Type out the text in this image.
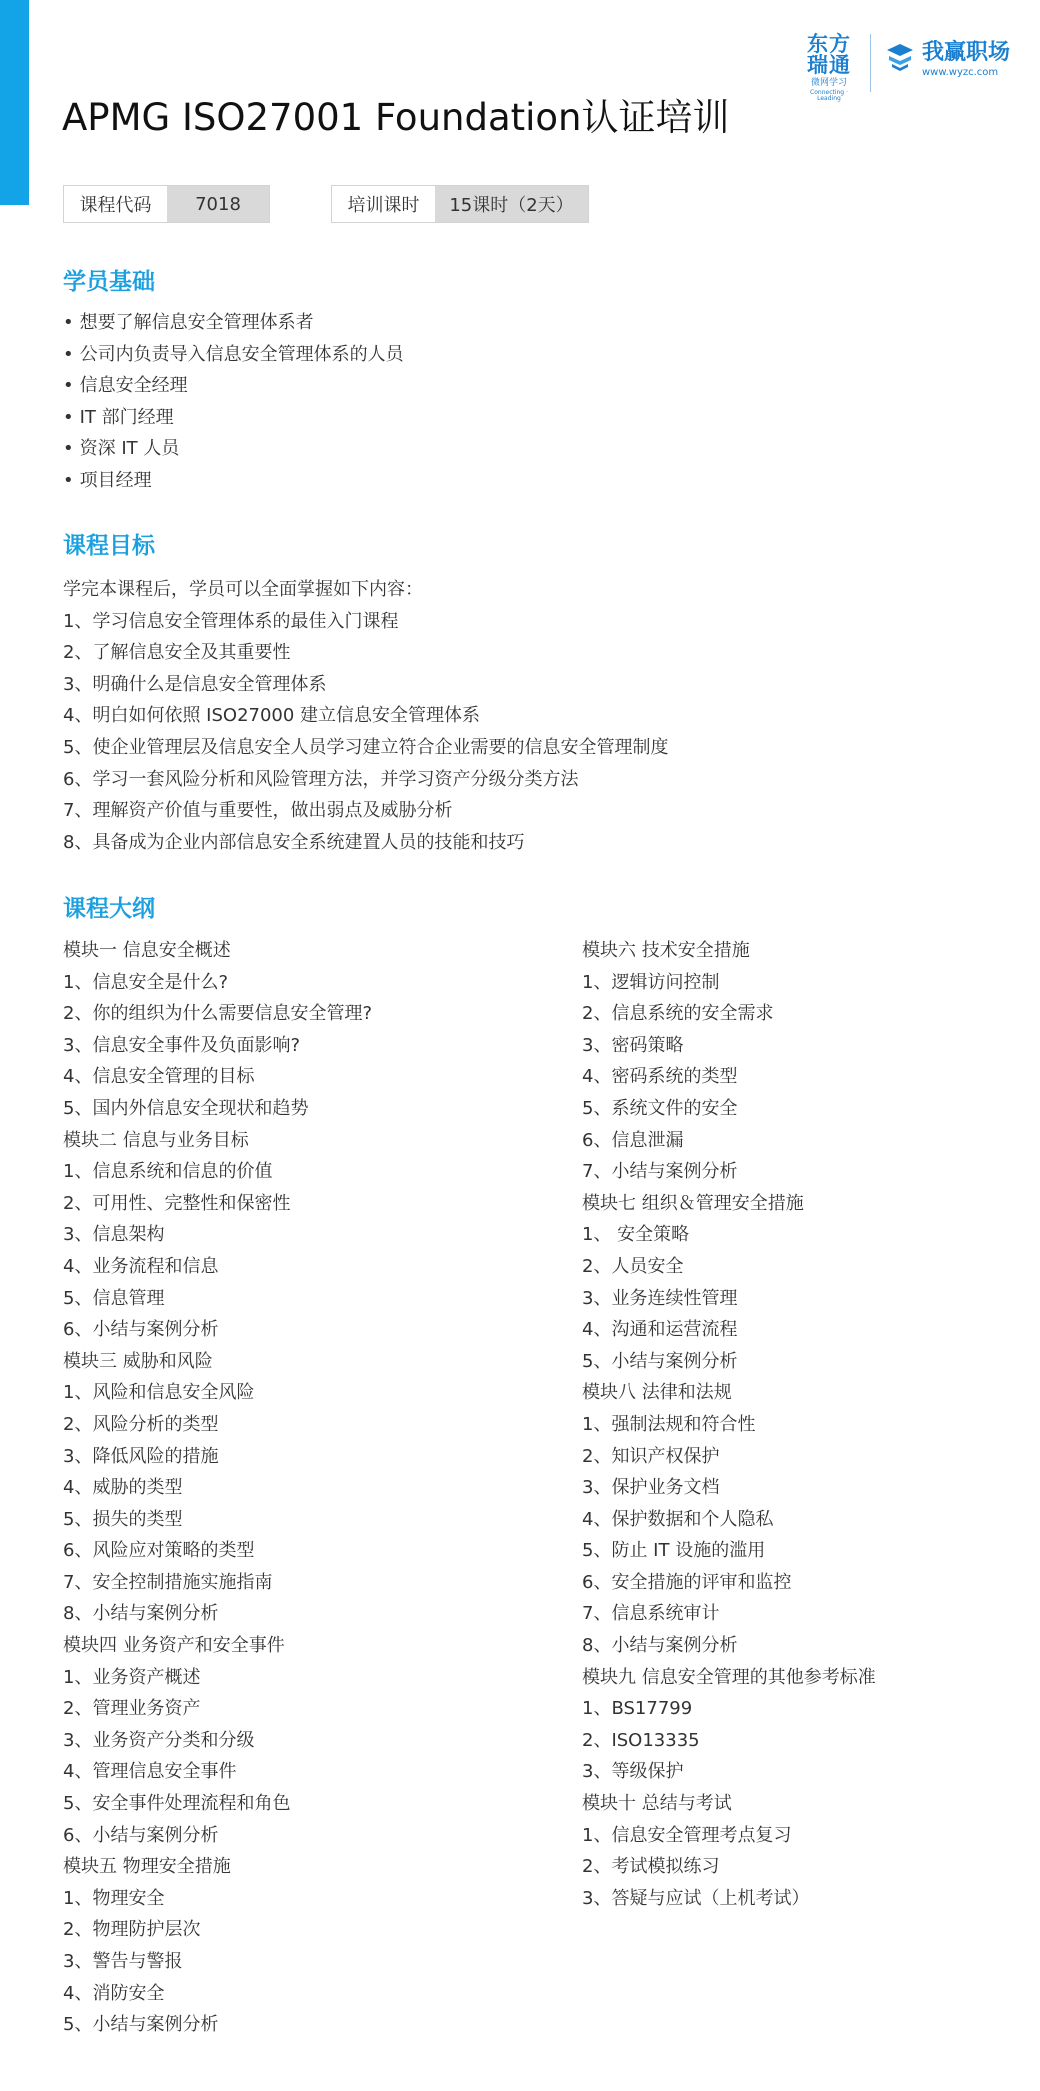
东方
瑞通
微网学习
Connecting · Leading
我赢职场
www.wyzc.com
APMG ISO27001 Foundation认证培训
课程代码	7018	培训课时	15课时（2天）
学员基础
• 想要了解信息安全管理体系者
• 公司内负责导入信息安全管理体系的人员
• 信息安全经理
• IT 部门经理
• 资深 IT 人员
• 项目经理
课程目标
学完本课程后，学员可以全面掌握如下内容：
1、学习信息安全管理体系的最佳入门课程
2、了解信息安全及其重要性
3、明确什么是信息安全管理体系
4、明白如何依照 ISO27000 建立信息安全管理体系
5、使企业管理层及信息安全人员学习建立符合企业需要的信息安全管理制度
6、学习一套风险分析和风险管理方法，并学习资产分级分类方法
7、理解资产价值与重要性，做出弱点及威胁分析
8、具备成为企业内部信息安全系统建置人员的技能和技巧
课程大纲
模块一 信息安全概述
1、信息安全是什么?
2、你的组织为什么需要信息安全管理?
3、信息安全事件及负面影响?
4、信息安全管理的目标
5、国内外信息安全现状和趋势
模块二 信息与业务目标
1、信息系统和信息的价值
2、可用性、完整性和保密性
3、信息架构
4、业务流程和信息
5、信息管理
6、小结与案例分析
模块三 威胁和风险
1、风险和信息安全风险
2、风险分析的类型
3、降低风险的措施
4、威胁的类型
5、损失的类型
6、风险应对策略的类型
7、安全控制措施实施指南
8、小结与案例分析
模块四 业务资产和安全事件
1、业务资产概述
2、管理业务资产
3、业务资产分类和分级
4、管理信息安全事件
5、安全事件处理流程和角色
6、小结与案例分析
模块五 物理安全措施
1、物理安全
2、物理防护层次
3、警告与警报
4、消防安全
5、小结与案例分析
模块六 技术安全措施
1、逻辑访问控制
2、信息系统的安全需求
3、密码策略
4、密码系统的类型
5、系统文件的安全
6、信息泄漏
7、小结与案例分析
模块七 组织＆管理安全措施
1、 安全策略
2、人员安全
3、业务连续性管理
4、沟通和运营流程
5、小结与案例分析
模块八 法律和法规
1、强制法规和符合性
2、知识产权保护
3、保护业务文档
4、保护数据和个人隐私
5、防止 IT 设施的滥用
6、安全措施的评审和监控
7、信息系统审计
8、小结与案例分析
模块九 信息安全管理的其他参考标准
1、BS17799
2、ISO13335
3、等级保护
模块十 总结与考试
1、信息安全管理考点复习
2、考试模拟练习
3、答疑与应试（上机考试）
